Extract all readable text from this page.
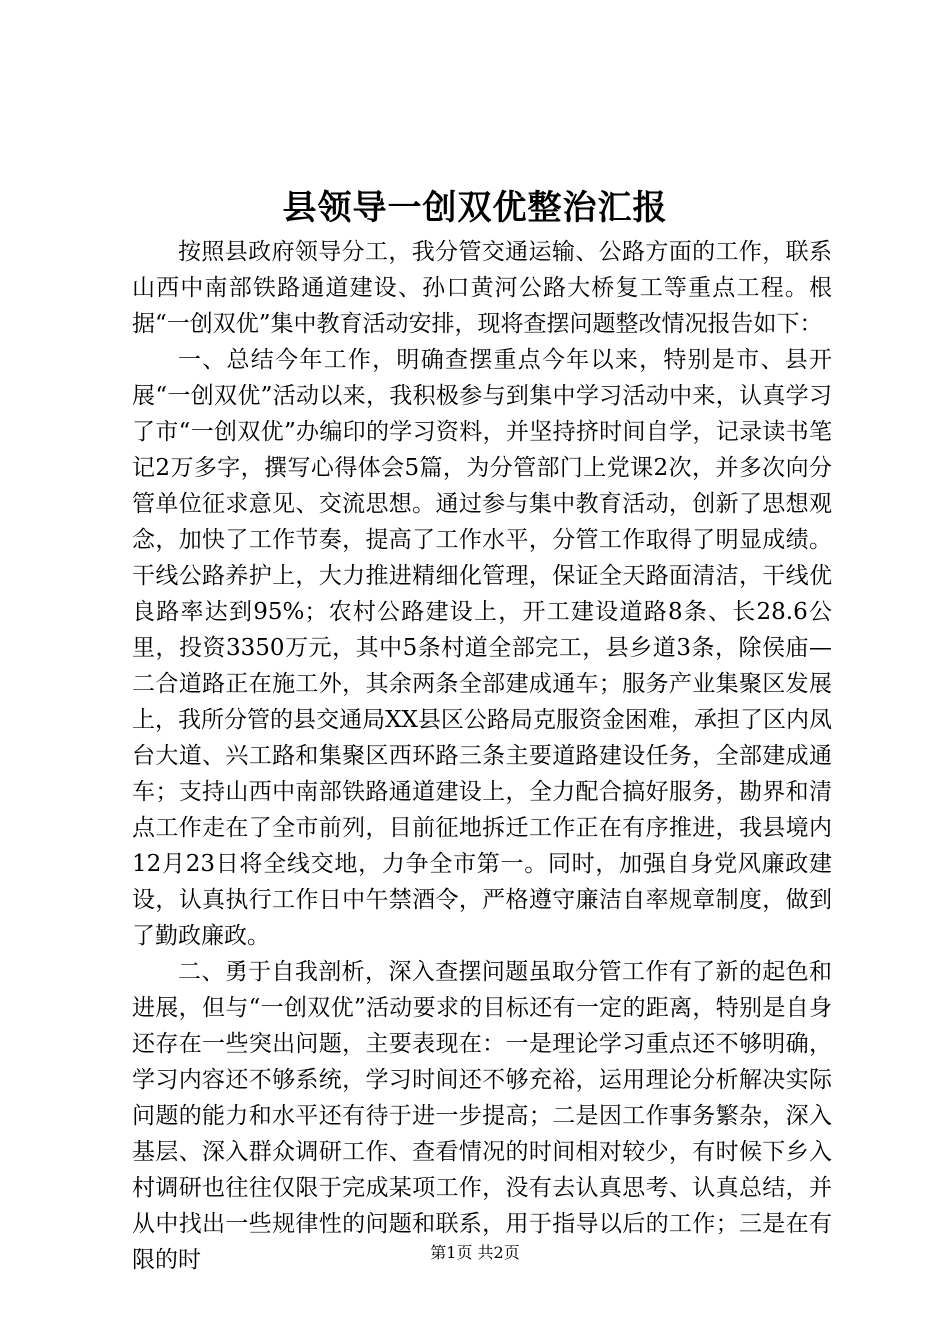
县领导一创双优整治汇报

按照县政府领导分工，我分管交通运输、公路方面的工作，联系山西中南部铁路通道建设、孙口黄河公路大桥复工等重点工程。根据“一创双优”集中教育活动安排，现将查摆问题整改情况报告如下：

一、总结今年工作，明确查摆重点今年以来，特别是市、县开展“一创双优”活动以来，我积极参与到集中学习活动中来，认真学习了市“一创双优”办编印的学习资料，并坚持挤时间自学，记录读书笔记2万多字，撰写心得体会5篇，为分管部门上党课2次，并多次向分管单位征求意见、交流思想。通过参与集中教育活动，创新了思想观念，加快了工作节奏，提高了工作水平，分管工作取得了明显成绩。干线公路养护上，大力推进精细化管理，保证全天路面清洁，干线优良路率达到95%；农村公路建设上，开工建设道路8条、长28.6公里，投资3350万元，其中5条村道全部完工，县乡道3条，除侯庙—二合道路正在施工外，其余两条全部建成通车；服务产业集聚区发展上，我所分管的县交通局XX县区公路局克服资金困难，承担了区内凤台大道、兴工路和集聚区西环路三条主要道路建设任务，全部建成通车；支持山西中南部铁路通道建设上，全力配合搞好服务，勘界和清点工作走在了全市前列，目前征地拆迁工作正在有序推进，我县境内12月23日将全线交地，力争全市第一。同时，加强自身党风廉政建设，认真执行工作日中午禁酒令，严格遵守廉洁自率规章制度，做到了勤政廉政。

二、勇于自我剖析，深入查摆问题虽取分管工作有了新的起色和进展，但与“一创双优”活动要求的目标还有一定的距离，特别是自身还存在一些突出问题，主要表现在：一是理论学习重点还不够明确，学习内容还不够系统，学习时间还不够充裕，运用理论分析解决实际问题的能力和水平还有待于进一步提高；二是因工作事务繁杂，深入基层、深入群众调研工作、查看情况的时间相对较少，有时候下乡入村调研也往往仅限于完成某项工作，没有去认真思考、认真总结，并从中找出一些规律性的问题和联系，用于指导以后的工作；三是在有限的时	第1页 共2页
